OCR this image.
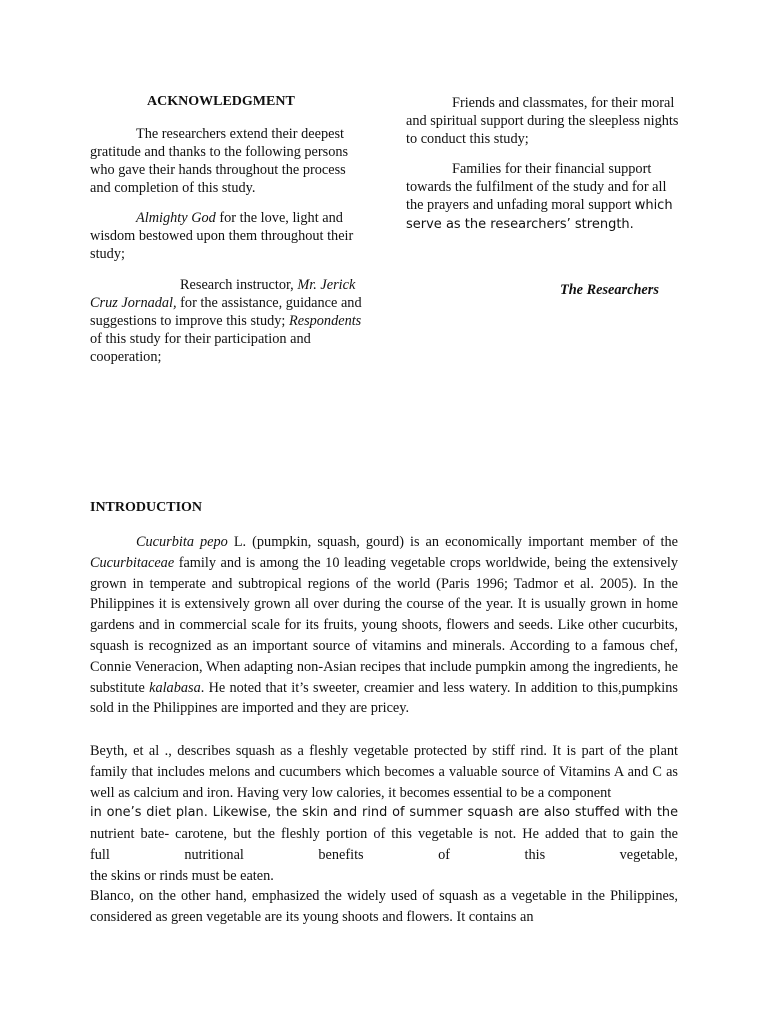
ACKNOWLEDGMENT

The researchers extend their deepest gratitude and thanks to the following persons who gave their hands throughout the process and completion of this study.

Almighty God for the love, light and wisdom bestowed upon them throughout their study;

Research instructor, Mr. Jerick Cruz Jornadal, for the assistance, guidance and suggestions to improve this study; Respondents of this study for their participation and cooperation;

Friends and classmates, for their moral and spiritual support during the sleepless nights to conduct this study;

Families for their financial support towards the fulfilment of the study and for all the prayers and unfading moral support which serve as the researchers’ strength.

The Researchers
INTRODUCTION

Cucurbita pepo L. (pumpkin, squash, gourd) is an economically important member of the Cucurbitaceae family and is among the 10 leading vegetable crops worldwide, being the extensively grown in temperate and subtropical regions of the world (Paris 1996; Tadmor et al. 2005). In the Philippines it is extensively grown all over during the course of the year. It is usually grown in home gardens and in commercial scale for its fruits, young shoots, flowers and seeds. Like other cucurbits, squash is recognized as an important source of vitamins and minerals. According to a famous chef, Connie Veneracion, When adapting non-Asian recipes that include pumpkin among the ingredients, he substitute kalabasa. He noted that it’s sweeter, creamier and less watery. In addition to this,pumpkins sold in the Philippines are imported and they are pricey.

Beyth, et al ., describes squash as a fleshly vegetable protected by stiff rind. It is part of the plant family that includes melons and cucumbers which becomes a valuable source of Vitamins A and C as well as calcium and iron. Having very low calories, it becomes essential to be a component
in one’s diet plan. Likewise, the skin and rind of summer squash are also stuffed with the
nutrient bate- carotene, but the fleshly portion of this vegetable is not. He added that to gain the
full	nutritional	benefits	of	this	vegetable,
the skins or rinds must be eaten.

Blanco, on the other hand, emphasized the widely used of squash as a vegetable in the Philippines, considered as green vegetable are its young shoots and flowers. It contains an
